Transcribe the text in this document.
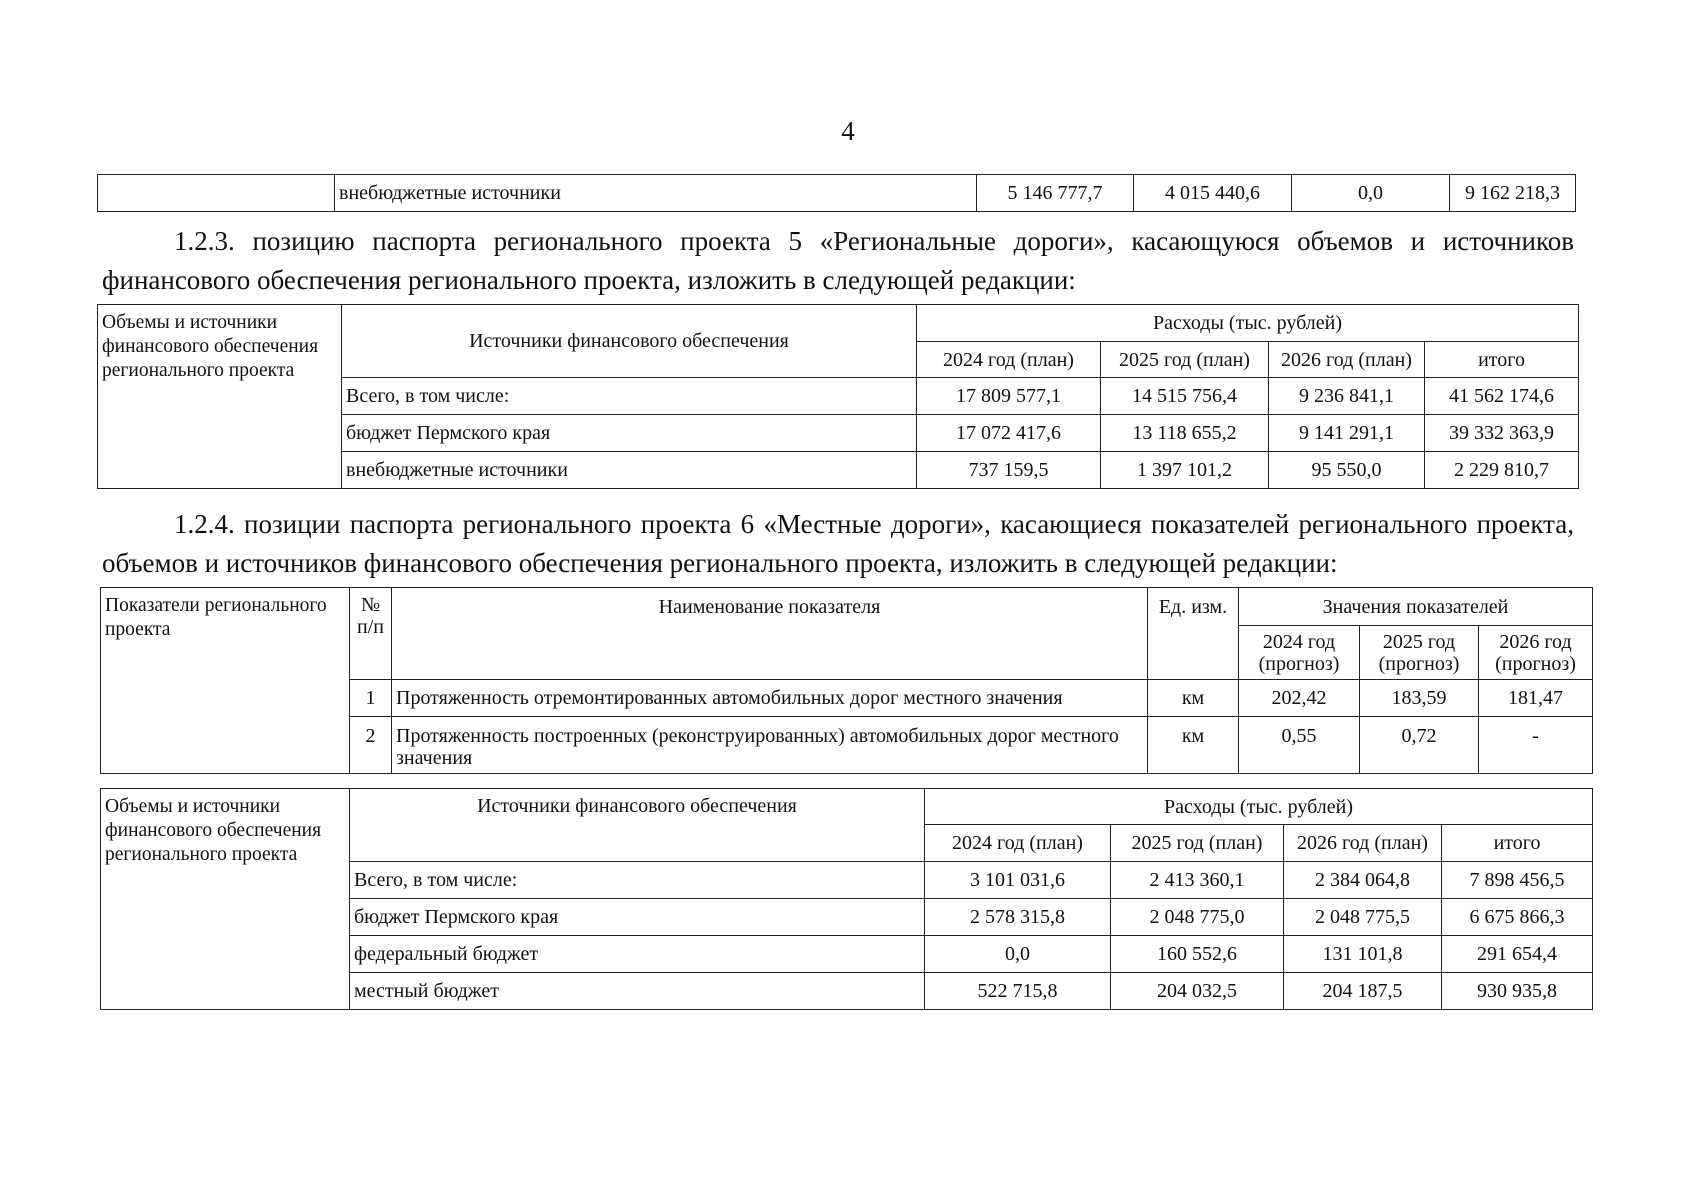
4
	внебюджетные источники	5 146 777,7	4 015 440,6	0,0	9 162 218,3
1.2.3. позицию паспорта регионального проекта 5 «Региональные дороги», касающуюся объемов и источников финансового обеспечения регионального проекта, изложить в следующей редакции:
Объемы и источники финансового обеспечения регионального проекта	Источники финансового обеспечения	Расходы (тыс. рублей)			
		2024 год (план)	2025 год (план)	2026 год (план)	итого
	Всего, в том числе:	17 809 577,1	14 515 756,4	9 236 841,1	41 562 174,6
	бюджет Пермского края	17 072 417,6	13 118 655,2	9 141 291,1	39 332 363,9
	внебюджетные источники	737 159,5	1 397 101,2	95 550,0	2 229 810,7
1.2.4. позиции паспорта регионального проекта 6 «Местные дороги», касающиеся показателей регионального проекта, объемов и источников финансового обеспечения регионального проекта, изложить в следующей редакции:
Показатели регионального проекта	№ п/п	Наименование показателя	Ед. изм.	Значения показателей		
				2024 год (прогноз)	2025 год (прогноз)	2026 год (прогноз)
	1	Протяженность отремонтированных автомобильных дорог местного значения	км	202,42	183,59	181,47
	2	Протяженность построенных (реконструированных) автомобильных дорог местного значения	км	0,55	0,72	-
Объемы и источники финансового обеспечения регионального проекта	Источники финансового обеспечения	Расходы (тыс. рублей)			
		2024 год (план)	2025 год (план)	2026 год (план)	итого
	Всего, в том числе:	3 101 031,6	2 413 360,1	2 384 064,8	7 898 456,5
	бюджет Пермского края	2 578 315,8	2 048 775,0	2 048 775,5	6 675 866,3
	федеральный бюджет	0,0	160 552,6	131 101,8	291 654,4
	местный бюджет	522 715,8	204 032,5	204 187,5	930 935,8
